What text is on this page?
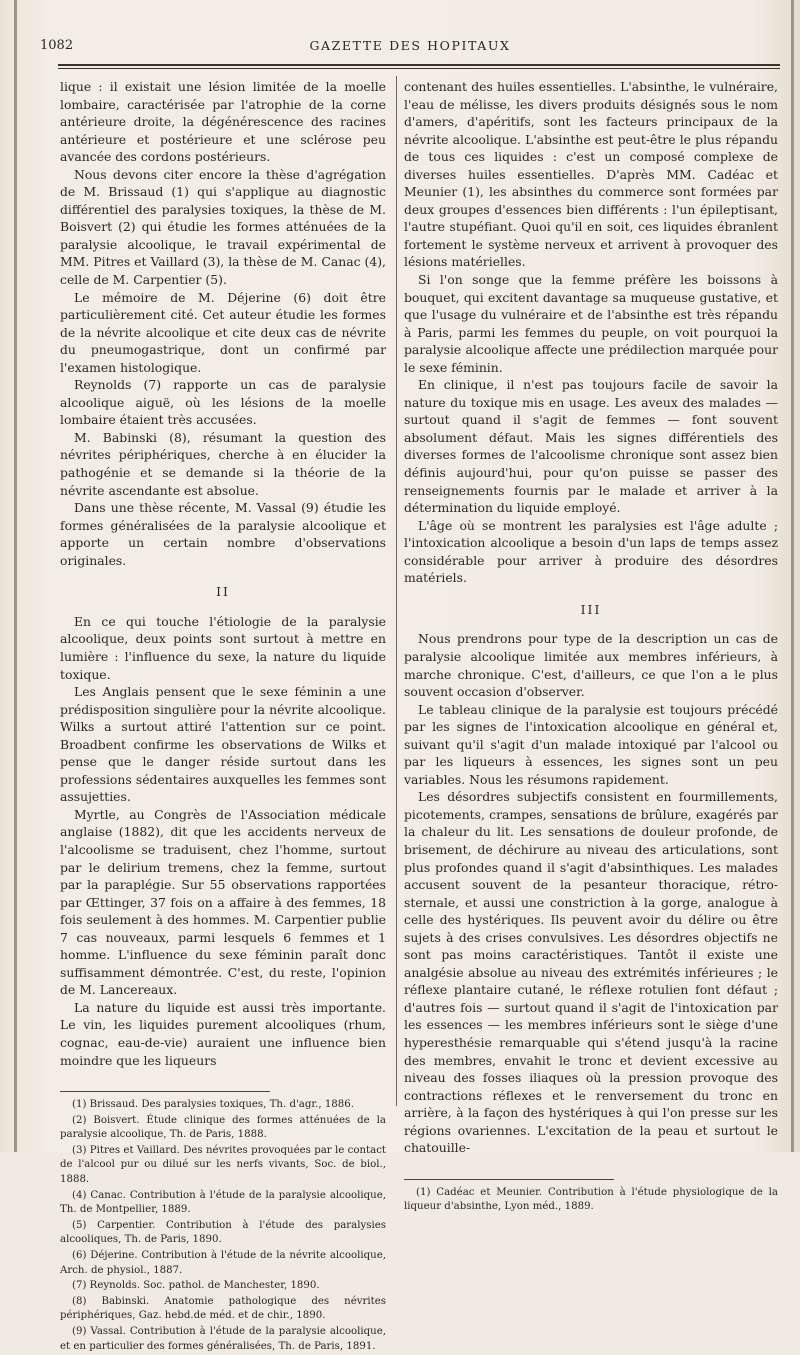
1082	GAZETTE DES HOPITAUX

lique : il existait une lésion limitée de la moelle lombaire, caractérisée par l'atrophie de la corne antérieure droite, la dégénérescence des racines antérieure et postérieure et une sclérose peu avancée des cordons postérieurs.

Nous devons citer encore la thèse d'agrégation de M. Brissaud (1) qui s'applique au diagnostic différentiel des paralysies toxiques, la thèse de M. Boisvert (2) qui étudie les formes atténuées de la paralysie alcoolique, le travail expérimental de MM. Pitres et Vaillard (3), la thèse de M. Canac (4), celle de M. Carpentier (5).

Le mémoire de M. Déjerine (6) doit être particulièrement cité. Cet auteur étudie les formes de la névrite alcoolique et cite deux cas de névrite du pneumogastrique, dont un confirmé par l'examen histologique.

Reynolds (7) rapporte un cas de paralysie alcoolique aiguë, où les lésions de la moelle lombaire étaient très accusées.

M. Babinski (8), résumant la question des névrites périphériques, cherche à en élucider la pathogénie et se demande si la théorie de la névrite ascendante est absolue.

Dans une thèse récente, M. Vassal (9) étudie les formes généralisées de la paralysie alcoolique et apporte un certain nombre d'observations originales.

II

En ce qui touche l'étiologie de la paralysie alcoolique, deux points sont surtout à mettre en lumière : l'influence du sexe, la nature du liquide toxique.

Les Anglais pensent que le sexe féminin a une prédisposition singulière pour la névrite alcoolique. Wilks a surtout attiré l'attention sur ce point. Broadbent confirme les observations de Wilks et pense que le danger réside surtout dans les professions sédentaires auxquelles les femmes sont assujetties.

Myrtle, au Congrès de l'Association médicale anglaise (1882), dit que les accidents nerveux de l'alcoolisme se traduisent, chez l'homme, surtout par le delirium tremens, chez la femme, surtout par la paraplégie. Sur 55 observations rapportées par Œttinger, 37 fois on a affaire à des femmes, 18 fois seulement à des hommes. M. Carpentier publie 7 cas nouveaux, parmi lesquels 6 femmes et 1 homme. L'influence du sexe féminin paraît donc suffisamment démontrée. C'est, du reste, l'opinion de M. Lancereaux.

La nature du liquide est aussi très importante. Le vin, les liquides purement alcooliques (rhum, cognac, eau-de-vie) auraient une influence bien moindre que les liqueurs

(1) Brissaud. Des paralysies toxiques, Th. d'agr., 1886.

(2) Boisvert. Étude clinique des formes atténuées de la paralysie alcoolique, Th. de Paris, 1888.

(3) Pitres et Vaillard. Des névrites provoquées par le contact de l'alcool pur ou dilué sur les nerfs vivants, Soc. de biol., 1888.

(4) Canac. Contribution à l'étude de la paralysie alcoolique, Th. de Montpellier, 1889.

(5) Carpentier. Contribution à l'étude des paralysies alcooliques, Th. de Paris, 1890.

(6) Déjerine. Contribution à l'étude de la névrite alcoolique, Arch. de physiol., 1887.

(7) Reynolds. Soc. pathol. de Manchester, 1890.

(8) Babinski. Anatomie pathologique des névrites périphériques, Gaz. hebd.de méd. et de chir., 1890.

(9) Vassal. Contribution à l'étude de la paralysie alcoolique, et en particulier des formes généralisées, Th. de Paris, 1891.

contenant des huiles essentielles. L'absinthe, le vulnéraire, l'eau de mélisse, les divers produits désignés sous le nom d'amers, d'apéritifs, sont les facteurs principaux de la névrite alcoolique. L'absinthe est peut-être le plus répandu de tous ces liquides : c'est un composé complexe de diverses huiles essentielles. D'après MM. Cadéac et Meunier (1), les absinthes du commerce sont formées par deux groupes d'essences bien différents : l'un épileptisant, l'autre stupéfiant. Quoi qu'il en soit, ces liquides ébranlent fortement le système nerveux et arrivent à provoquer des lésions matérielles.

Si l'on songe que la femme préfère les boissons à bouquet, qui excitent davantage sa muqueuse gustative, et que l'usage du vulnéraire et de l'absinthe est très répandu à Paris, parmi les femmes du peuple, on voit pourquoi la paralysie alcoolique affecte une prédilection marquée pour le sexe féminin.

En clinique, il n'est pas toujours facile de savoir la nature du toxique mis en usage. Les aveux des malades — surtout quand il s'agit de femmes — font souvent absolument défaut. Mais les signes différentiels des diverses formes de l'alcoolisme chronique sont assez bien définis aujourd'hui, pour qu'on puisse se passer des renseignements fournis par le malade et arriver à la détermination du liquide employé.

L'âge où se montrent les paralysies est l'âge adulte ; l'intoxication alcoolique a besoin d'un laps de temps assez considérable pour arriver à produire des désordres matériels.

III

Nous prendrons pour type de la description un cas de paralysie alcoolique limitée aux membres inférieurs, à marche chronique. C'est, d'ailleurs, ce que l'on a le plus souvent occasion d'observer.

Le tableau clinique de la paralysie est toujours précédé par les signes de l'intoxication alcoolique en général et, suivant qu'il s'agit d'un malade intoxiqué par l'alcool ou par les liqueurs à essences, les signes sont un peu variables. Nous les résumons rapidement.

Les désordres subjectifs consistent en fourmillements, picotements, crampes, sensations de brûlure, exagérés par la chaleur du lit. Les sensations de douleur profonde, de brisement, de déchirure au niveau des articulations, sont plus profondes quand il s'agit d'absinthiques. Les malades accusent souvent de la pesanteur thoracique, rétro-sternale, et aussi une constriction à la gorge, analogue à celle des hystériques. Ils peuvent avoir du délire ou être sujets à des crises convulsives. Les désordres objectifs ne sont pas moins caractéristiques. Tantôt il existe une analgésie absolue au niveau des extrémités inférieures ; le réflexe plantaire cutané, le réflexe rotulien font défaut ; d'autres fois — surtout quand il s'agit de l'intoxication par les essences — les membres inférieurs sont le siège d'une hyperesthésie remarquable qui s'étend jusqu'à la racine des membres, envahit le tronc et devient excessive au niveau des fosses iliaques où la pression provoque des contractions réflexes et le renversement du tronc en arrière, à la façon des hystériques à qui l'on presse sur les régions ovariennes. L'excitation de la peau et surtout le chatouille-

(1) Cadéac et Meunier. Contribution à l'étude physiologique de la liqueur d'absinthe, Lyon méd., 1889.
